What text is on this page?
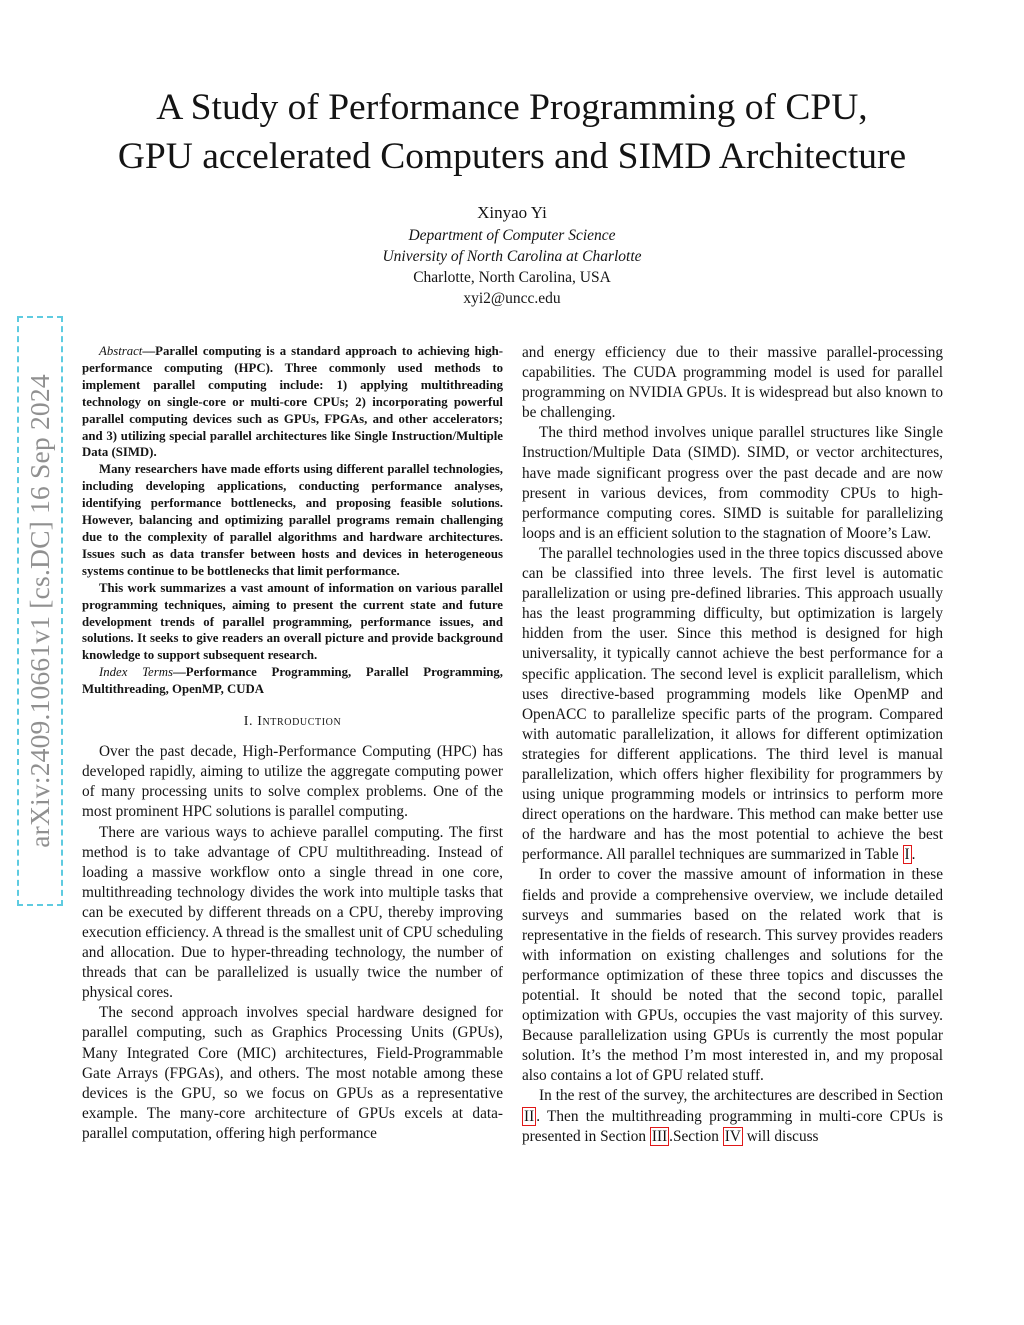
arXiv:2409.10661v1 [cs.DC] 16 Sep 2024
A Study of Performance Programming of CPU,
GPU accelerated Computers and SIMD Architecture
Xinyao Yi
Department of Computer Science
University of North Carolina at Charlotte
Charlotte, North Carolina, USA
xyi2@uncc.edu

Abstract—Parallel computing is a standard approach to achieving high-performance computing (HPC). Three commonly used methods to implement parallel computing include: 1) applying multithreading technology on single-core or multi-core CPUs; 2) incorporating powerful parallel computing devices such as GPUs, FPGAs, and other accelerators; and 3) utilizing special parallel architectures like Single Instruction/Multiple Data (SIMD).

Many researchers have made efforts using different parallel technologies, including developing applications, conducting performance analyses, identifying performance bottlenecks, and proposing feasible solutions. However, balancing and optimizing parallel programs remain challenging due to the complexity of parallel algorithms and hardware architectures. Issues such as data transfer between hosts and devices in heterogeneous systems continue to be bottlenecks that limit performance.

This work summarizes a vast amount of information on various parallel programming techniques, aiming to present the current state and future development trends of parallel programming, performance issues, and solutions. It seeks to give readers an overall picture and provide background knowledge to support subsequent research.

Index Terms—Performance Programming, Parallel Programming, Multithreading, OpenMP, CUDA

I. Introduction

Over the past decade, High-Performance Computing (HPC) has developed rapidly, aiming to utilize the aggregate computing power of many processing units to solve complex problems. One of the most prominent HPC solutions is parallel computing.

There are various ways to achieve parallel computing. The first method is to take advantage of CPU multithreading. Instead of loading a massive workflow onto a single thread in one core, multithreading technology divides the work into multiple tasks that can be executed by different threads on a CPU, thereby improving execution efficiency. A thread is the smallest unit of CPU scheduling and allocation. Due to hyper-threading technology, the number of threads that can be parallelized is usually twice the number of physical cores.

The second approach involves special hardware designed for parallel computing, such as Graphics Processing Units (GPUs), Many Integrated Core (MIC) architectures, Field-Programmable Gate Arrays (FPGAs), and others. The most notable among these devices is the GPU, so we focus on GPUs as a representative example. The many-core architecture of GPUs excels at data-parallel computation, offering high performance

and energy efficiency due to their massive parallel-processing capabilities. The CUDA programming model is used for parallel programming on NVIDIA GPUs. It is widespread but also known to be challenging.

The third method involves unique parallel structures like Single Instruction/Multiple Data (SIMD). SIMD, or vector architectures, have made significant progress over the past decade and are now present in various devices, from commodity CPUs to high-performance computing cores. SIMD is suitable for parallelizing loops and is an efficient solution to the stagnation of Moore’s Law.

The parallel technologies used in the three topics discussed above can be classified into three levels. The first level is automatic parallelization or using pre-defined libraries. This approach usually has the least programming difficulty, but optimization is largely hidden from the user. Since this method is designed for high universality, it typically cannot achieve the best performance for a specific application. The second level is explicit parallelism, which uses directive-based programming models like OpenMP and OpenACC to parallelize specific parts of the program. Compared with automatic parallelization, it allows for different optimization strategies for different applications. The third level is manual parallelization, which offers higher flexibility for programmers by using unique programming models or intrinsics to perform more direct operations on the hardware. This method can make better use of the hardware and has the most potential to achieve the best performance. All parallel techniques are summarized in Table I .

In order to cover the massive amount of information in these fields and provide a comprehensive overview, we include detailed surveys and summaries based on the related work that is representative in the fields of research. This survey provides readers with information on existing challenges and solutions for the performance optimization of these three topics and discusses the potential. It should be noted that the second topic, parallel optimization with GPUs, occupies the vast majority of this survey. Because parallelization using GPUs is currently the most popular solution. It’s the method I’m most interested in, and my proposal also contains a lot of GPU related stuff.

In the rest of the survey, the architectures are described in Section II . Then the multithreading programming in multi-core CPUs is presented in Section III .Section IV will discuss
